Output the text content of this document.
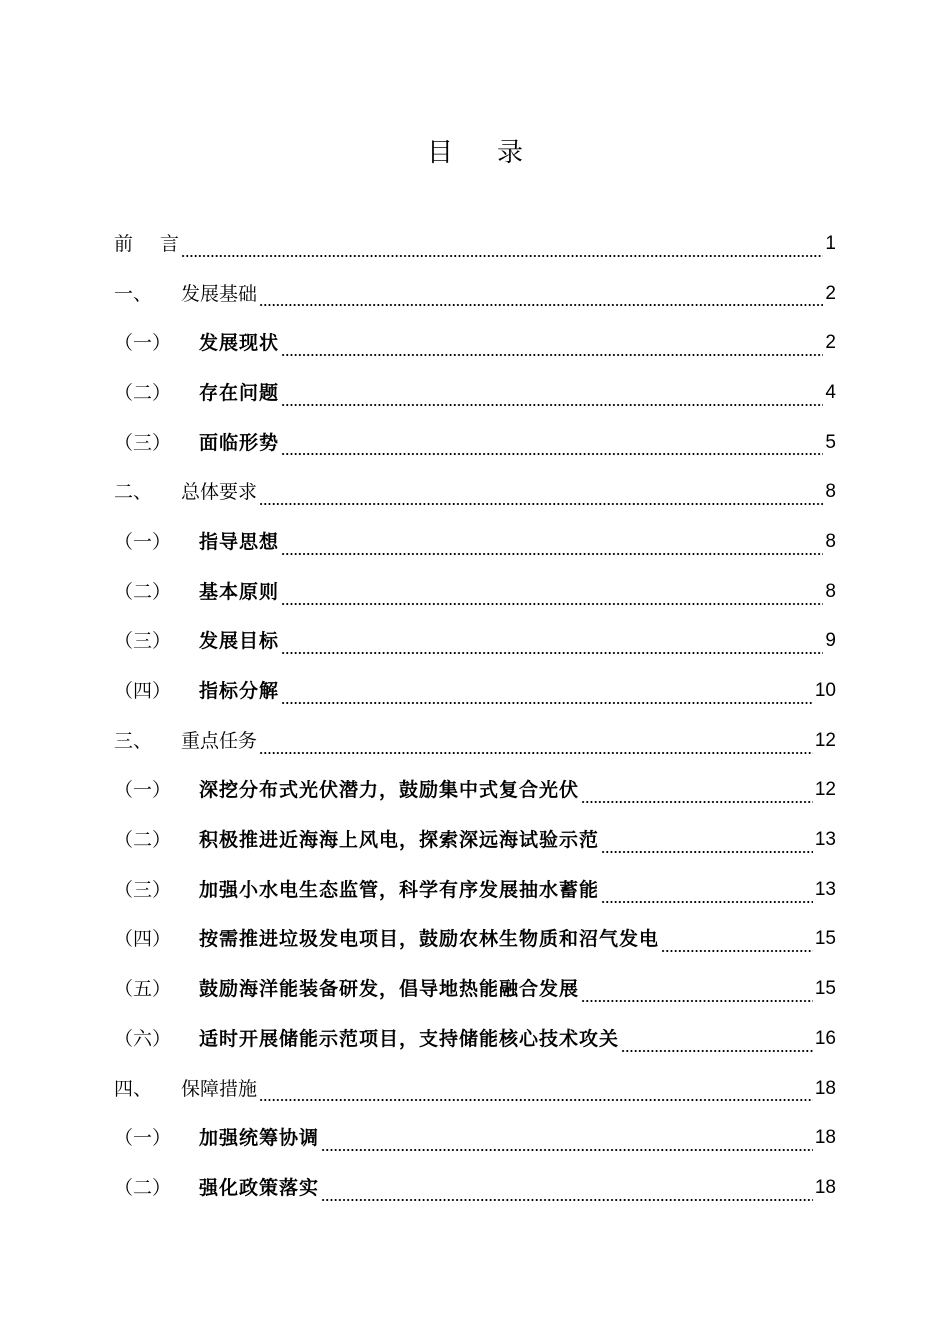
目 录
前	言	1
一、	发展基础	2
（一）	发展现状	2
（二）	存在问题	4
（三）	面临形势	5
二、	总体要求	8
（一）	指导思想	8
（二）	基本原则	8
（三）	发展目标	9
（四）	指标分解	10
三、	重点任务	12
（一）	深挖分布式光伏潜力，鼓励集中式复合光伏	12
（二）	积极推进近海海上风电，探索深远海试验示范	13
（三）	加强小水电生态监管，科学有序发展抽水蓄能	13
（四）	按需推进垃圾发电项目，鼓励农林生物质和沼气发电	15
（五）	鼓励海洋能装备研发，倡导地热能融合发展	15
（六）	适时开展储能示范项目，支持储能核心技术攻关	16
四、	保障措施	18
（一）	加强统筹协调	18
（二）	强化政策落实	18
